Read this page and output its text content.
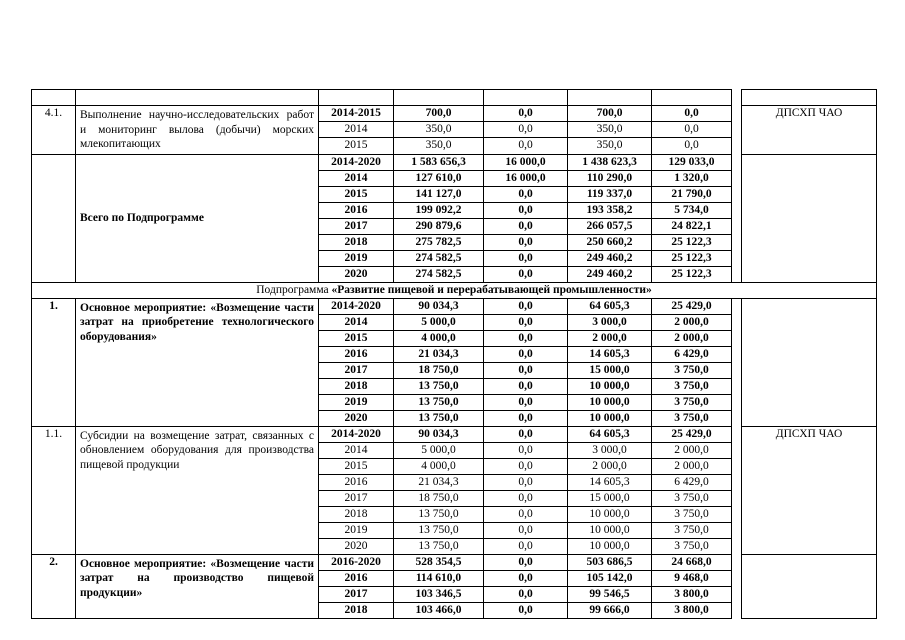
4.1.	Выполнение научно-исследовательских работ и мониторинг вылова (добычи) морских млекопитающих	2014-2015	700,0	0,0	700,0	0,0		ДПСХП ЧАО
		2014	350,0	0,0	350,0	0,0		
		2015	350,0	0,0	350,0	0,0		
	Всего по Подпрограмме	2014-2020	1 583 656,3	16 000,0	1 438 623,3	129 033,0		
		2014	127 610,0	16 000,0	110 290,0	1 320,0		
		2015	141 127,0	0,0	119 337,0	21 790,0		
		2016	199 092,2	0,0	193 358,2	5 734,0		
		2017	290 879,6	0,0	266 057,5	24 822,1		
		2018	275 782,5	0,0	250 660,2	25 122,3		
		2019	274 582,5	0,0	249 460,2	25 122,3		
		2020	274 582,5	0,0	249 460,2	25 122,3		
Подпрограмма «Развитие пищевой и перерабатывающей промышленности»								
1.	Основное мероприятие: «Возмещение части затрат на приобретение технологического оборудования»	2014-2020	90 034,3	0,0	64 605,3	25 429,0		
		2014	5 000,0	0,0	3 000,0	2 000,0		
		2015	4 000,0	0,0	2 000,0	2 000,0		
		2016	21 034,3	0,0	14 605,3	6 429,0		
		2017	18 750,0	0,0	15 000,0	3 750,0		
		2018	13 750,0	0,0	10 000,0	3 750,0		
		2019	13 750,0	0,0	10 000,0	3 750,0		
		2020	13 750,0	0,0	10 000,0	3 750,0		
1.1.	Субсидии на возмещение затрат, связанных с обновлением оборудования для производства пищевой продукции	2014-2020	90 034,3	0,0	64 605,3	25 429,0		ДПСХП ЧАО
		2014	5 000,0	0,0	3 000,0	2 000,0		
		2015	4 000,0	0,0	2 000,0	2 000,0		
		2016	21 034,3	0,0	14 605,3	6 429,0		
		2017	18 750,0	0,0	15 000,0	3 750,0		
		2018	13 750,0	0,0	10 000,0	3 750,0		
		2019	13 750,0	0,0	10 000,0	3 750,0		
		2020	13 750,0	0,0	10 000,0	3 750,0		
2.	Основное мероприятие: «Возмещение части затрат на производство пищевой продукции»	2016-2020	528 354,5	0,0	503 686,5	24 668,0		
		2016	114 610,0	0,0	105 142,0	9 468,0		
		2017	103 346,5	0,0	99 546,5	3 800,0		
		2018	103 466,0	0,0	99 666,0	3 800,0		
